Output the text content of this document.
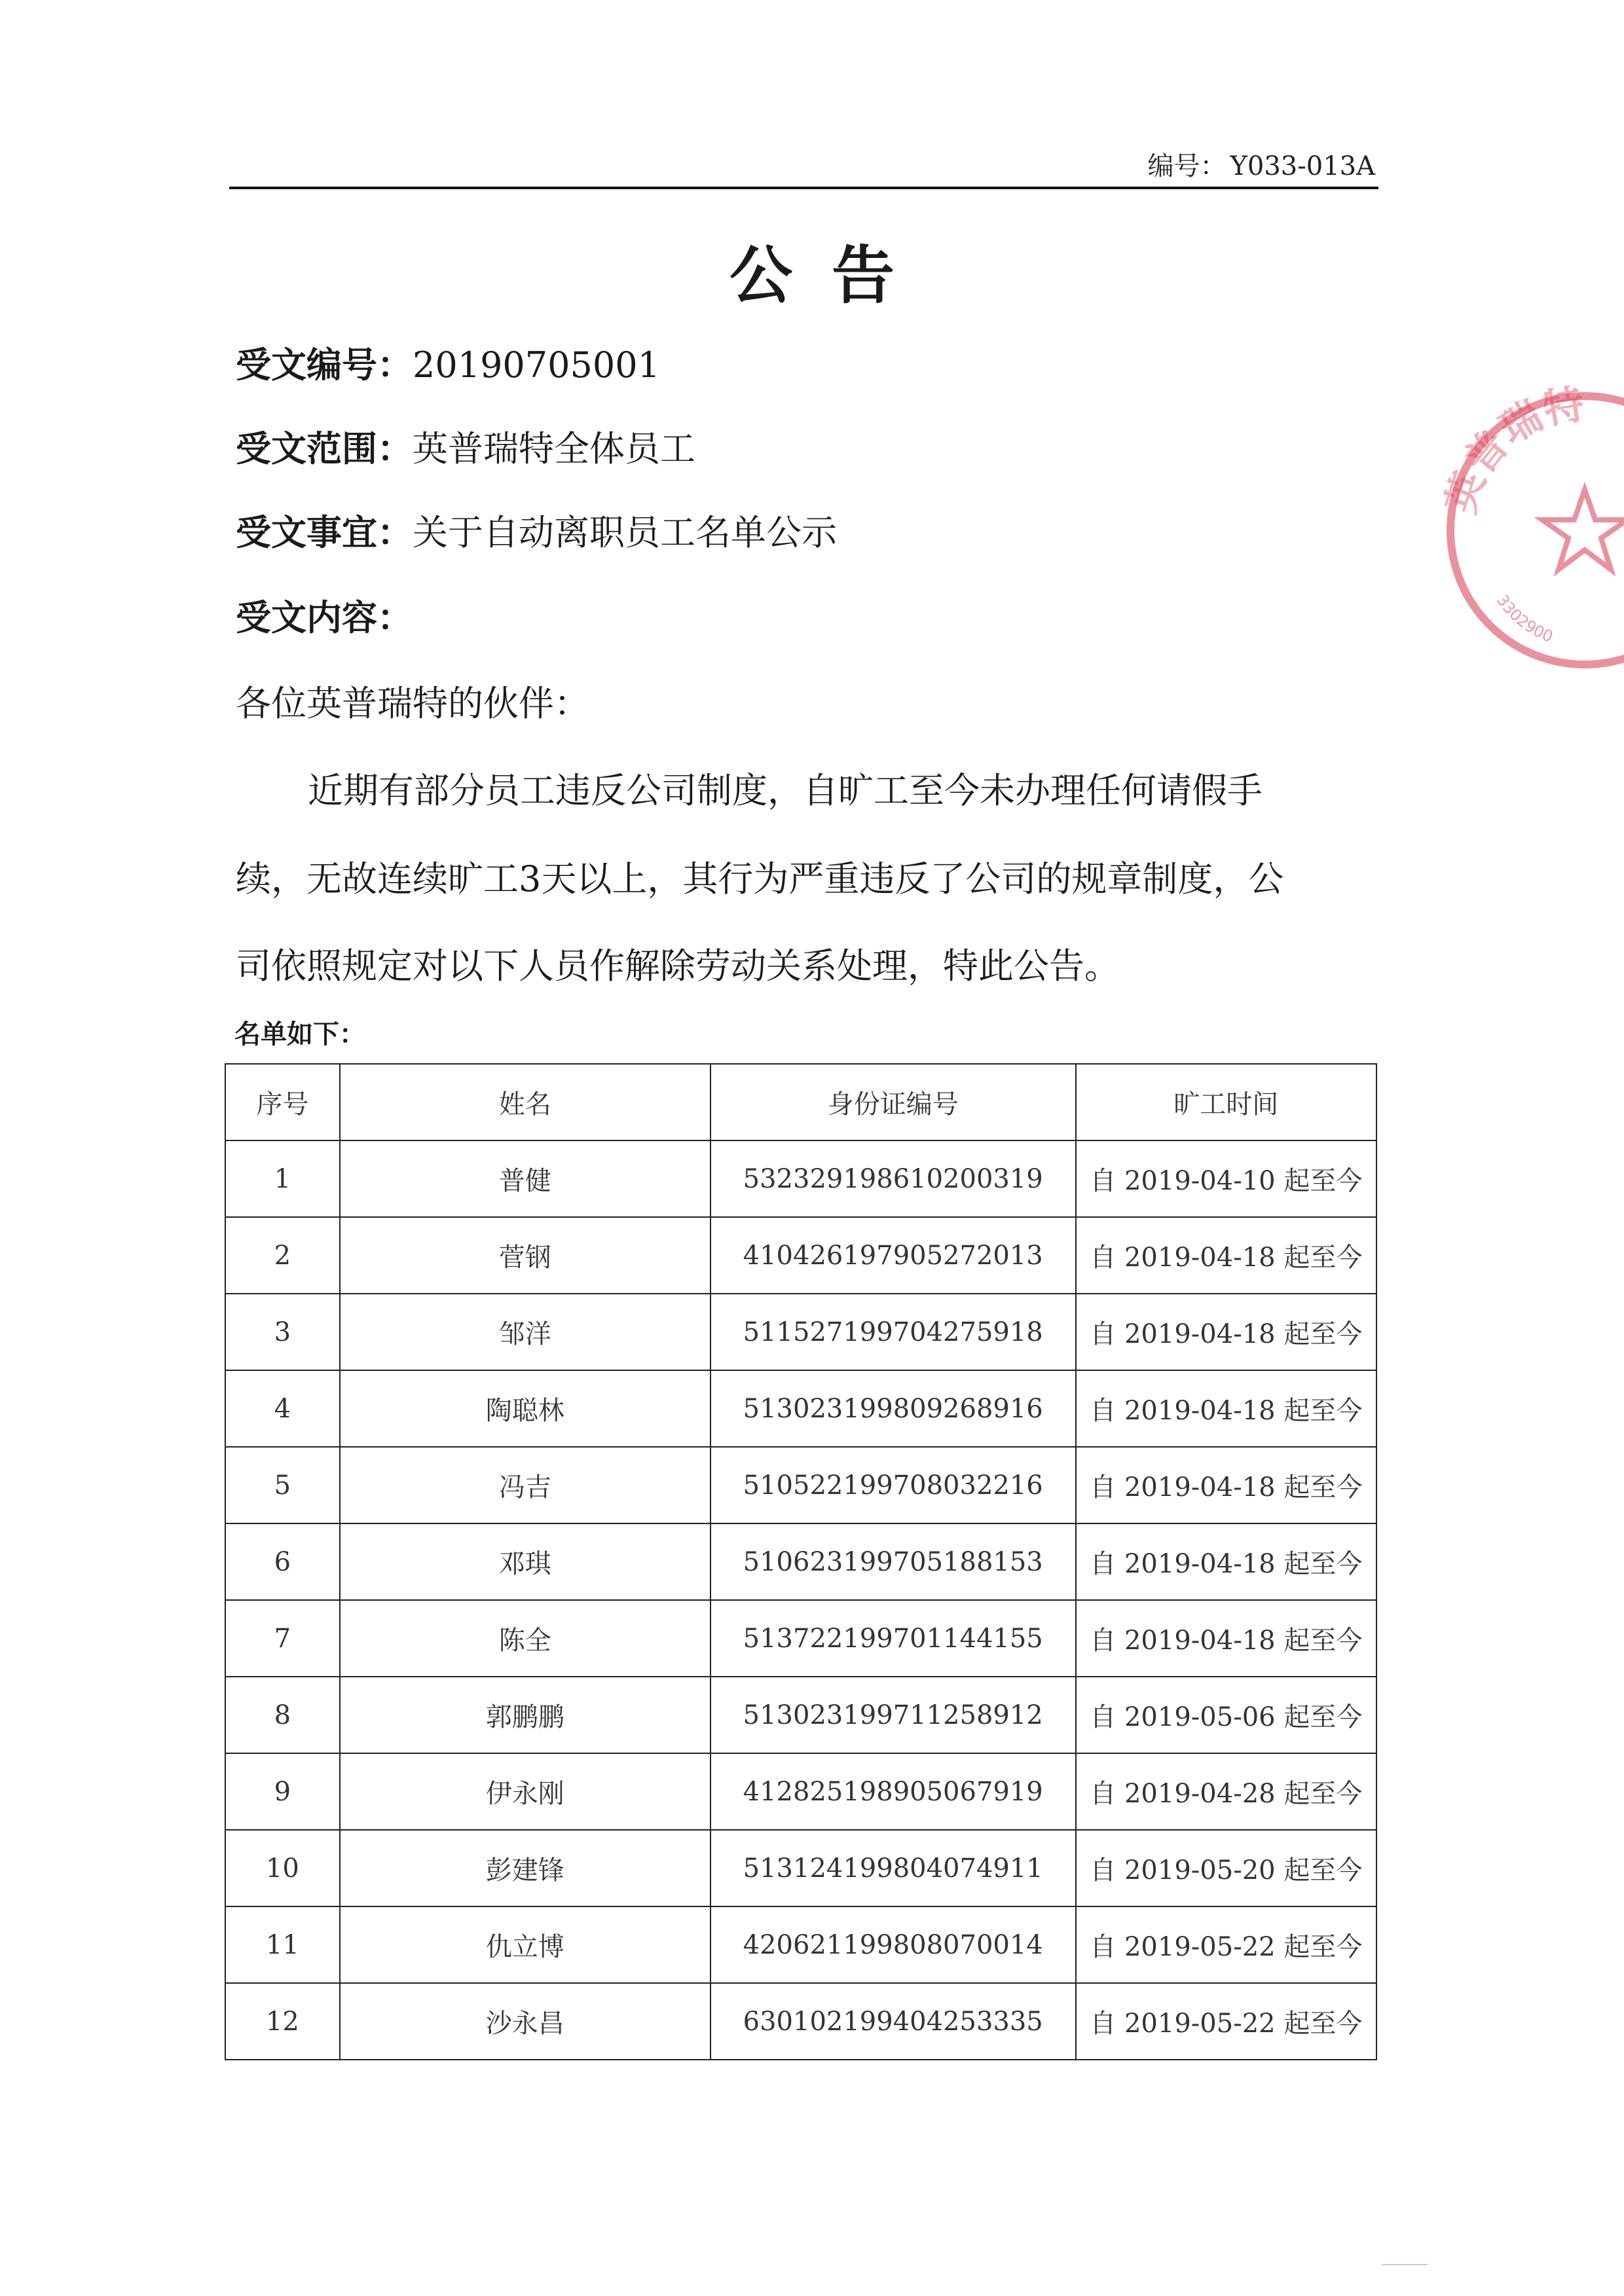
编号： Y033-013A
公告
受文编号：20190705001
受文范围：英普瑞特全体员工
受文事宜：关于自动离职员工名单公示
受文内容：
各位英普瑞特的伙伴：
近期有部分员工违反公司制度，自旷工至今未办理任何请假手
续，无故连续旷工3天以上，其行为严重违反了公司的规章制度，公
司依照规定对以下人员作解除劳动关系处理，特此公告。
名单如下：
序号	姓名	身份证编号	旷工时间
1	普健	532329198610200319	自 2019-04-10 起至今
2	菅钢	410426197905272013	自 2019-04-18 起至今
3	邹洋	511527199704275918	自 2019-04-18 起至今
4	陶聪林	513023199809268916	自 2019-04-18 起至今
5	冯吉	510522199708032216	自 2019-04-18 起至今
6	邓琪	510623199705188153	自 2019-04-18 起至今
7	陈全	513722199701144155	自 2019-04-18 起至今
8	郭鹏鹏	513023199711258912	自 2019-05-06 起至今
9	伊永刚	412825198905067919	自 2019-04-28 起至今
10	彭建锋	513124199804074911	自 2019-05-20 起至今
11	仇立博	420621199808070014	自 2019-05-22 起至今
12	沙永昌	630102199404253335	自 2019-05-22 起至今
英普瑞特
3302900
